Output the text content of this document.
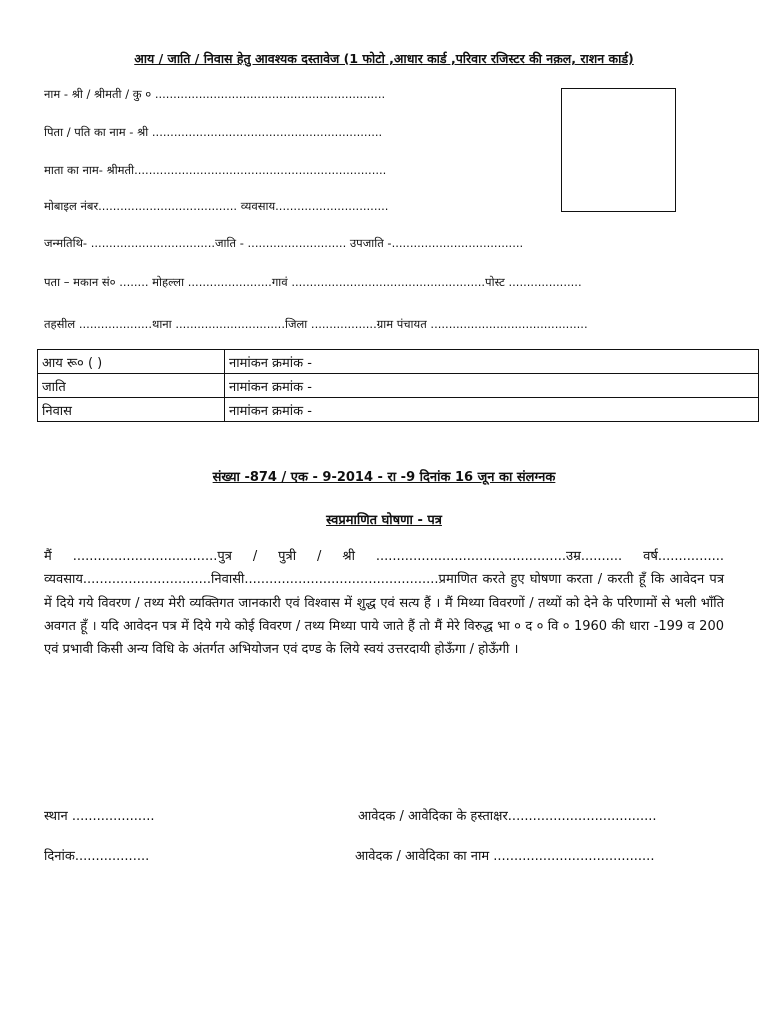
आय / जाति / निवास हेतु आवश्यक दस्तावेज (1 फोटो ,आधार कार्ड ,परिवार रजिस्टर की नक़ल, राशन कार्ड)
नाम - श्री / श्रीमती / कु ० ...............................................................
पिता / पति का नाम - श्री ...............................................................
माता का नाम- श्रीमती.....................................................................
मोबाइल नंबर...................................... व्यवसाय...............................
जन्मतिथि- ..................................जाति - ........................... उपजाति -....................................
पता – मकान सं० ........ मोहल्ला .......................गावं .....................................................पोस्ट ....................
तहसील ....................थाना ..............................जिला ..................ग्राम पंचायत ...........................................
आय रू० ( )	नामांकन क्रमांक -
जाति	नामांकन क्रमांक -
निवास	नामांकन क्रमांक -
संख्या -874 / एक - 9-2014 - रा -9 दिनांक 16 जून का संलग्नक
स्वप्रमाणित घोषणा - पत्र
मैं ...................................पुत्र / पुत्री / श्री ..............................................उम्र.......... वर्ष................ व्यवसाय...............................निवासी...............................................प्रमाणित करते हुए घोषणा करता / करती हूँ कि आवेदन पत्र में दिये गये विवरण / तथ्य मेरी व्यक्तिगत जानकारी एवं विश्वास में शुद्ध एवं सत्य हैं । मैं मिथ्या विवरणों / तथ्यों को देने के परिणामों से भली भाँति अवगत हूँ । यदि आवेदन पत्र में दिये गये कोई विवरण / तथ्य मिथ्या पाये जाते हैं तो मैं मेरे विरुद्ध भा ० द ० वि ० 1960 की धारा -199 व 200 एवं प्रभावी किसी अन्य विधि के अंतर्गत अभियोजन एवं दण्ड के लिये स्वयं उत्तरदायी होऊँगा / होऊँगी ।
स्थान ....................	आवेदक / आवेदिका के हस्ताक्षर....................................
दिनांक..................	आवेदक / आवेदिका का नाम .......................................
